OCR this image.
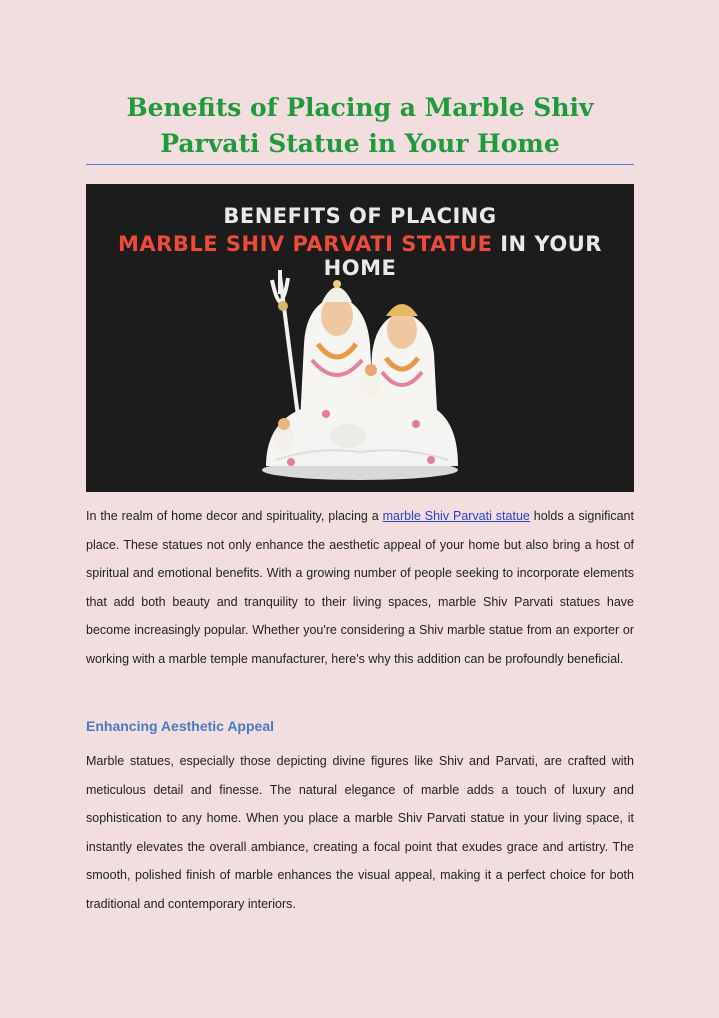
Benefits of Placing a Marble Shiv
Parvati Statue in Your Home
BENEFITS OF PLACING
MARBLE SHIV PARVATI STATUE IN YOUR HOME

In the realm of home decor and spirituality, placing a marble Shiv Parvati statue holds a significant place. These statues not only enhance the aesthetic appeal of your home but also bring a host of spiritual and emotional benefits. With a growing number of people seeking to incorporate elements that add both beauty and tranquility to their living spaces, marble Shiv Parvati statues have become increasingly popular. Whether you're considering a Shiv marble statue from an exporter or working with a marble temple manufacturer, here's why this addition can be profoundly beneficial.

Enhancing Aesthetic Appeal

Marble statues, especially those depicting divine figures like Shiv and Parvati, are crafted with meticulous detail and finesse. The natural elegance of marble adds a touch of luxury and sophistication to any home. When you place a marble Shiv Parvati statue in your living space, it instantly elevates the overall ambiance, creating a focal point that exudes grace and artistry. The smooth, polished finish of marble enhances the visual appeal, making it a perfect choice for both traditional and contemporary interiors.
